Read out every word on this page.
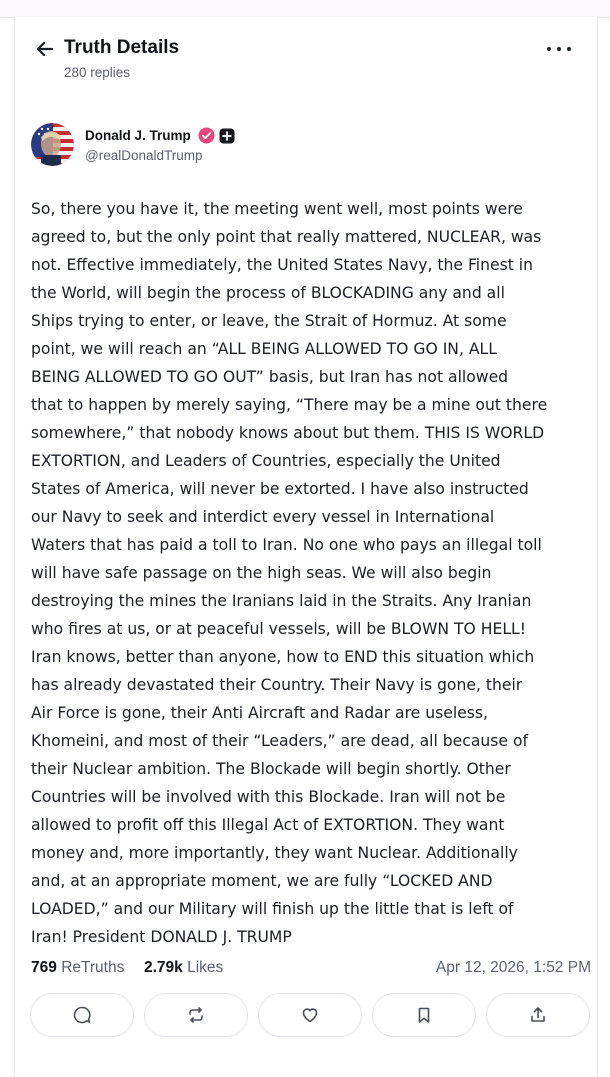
Truth Details
280 replies
Donald J. Trump
@realDonaldTrump
So, there you have it, the meeting went well, most points were
agreed to, but the only point that really mattered, NUCLEAR, was
not. Effective immediately, the United States Navy, the Finest in
the World, will begin the process of BLOCKADING any and all
Ships trying to enter, or leave, the Strait of Hormuz. At some
point, we will reach an “ALL BEING ALLOWED TO GO IN, ALL
BEING ALLOWED TO GO OUT” basis, but Iran has not allowed
that to happen by merely saying, “There may be a mine out there
somewhere,” that nobody knows about but them. THIS IS WORLD
EXTORTION, and Leaders of Countries, especially the United
States of America, will never be extorted. I have also instructed
our Navy to seek and interdict every vessel in International
Waters that has paid a toll to Iran. No one who pays an illegal toll
will have safe passage on the high seas. We will also begin
destroying the mines the Iranians laid in the Straits. Any Iranian
who fires at us, or at peaceful vessels, will be BLOWN TO HELL!
Iran knows, better than anyone, how to END this situation which
has already devastated their Country. Their Navy is gone, their
Air Force is gone, their Anti Aircraft and Radar are useless,
Khomeini, and most of their “Leaders,” are dead, all because of
their Nuclear ambition. The Blockade will begin shortly. Other
Countries will be involved with this Blockade. Iran will not be
allowed to profit off this Illegal Act of EXTORTION. They want
money and, more importantly, they want Nuclear. Additionally
and, at an appropriate moment, we are fully “LOCKED AND
LOADED,” and our Military will finish up the little that is left of
Iran! President DONALD J. TRUMP
769 ReTruths 2.79k Likes	Apr 12, 2026, 1:52 PM
